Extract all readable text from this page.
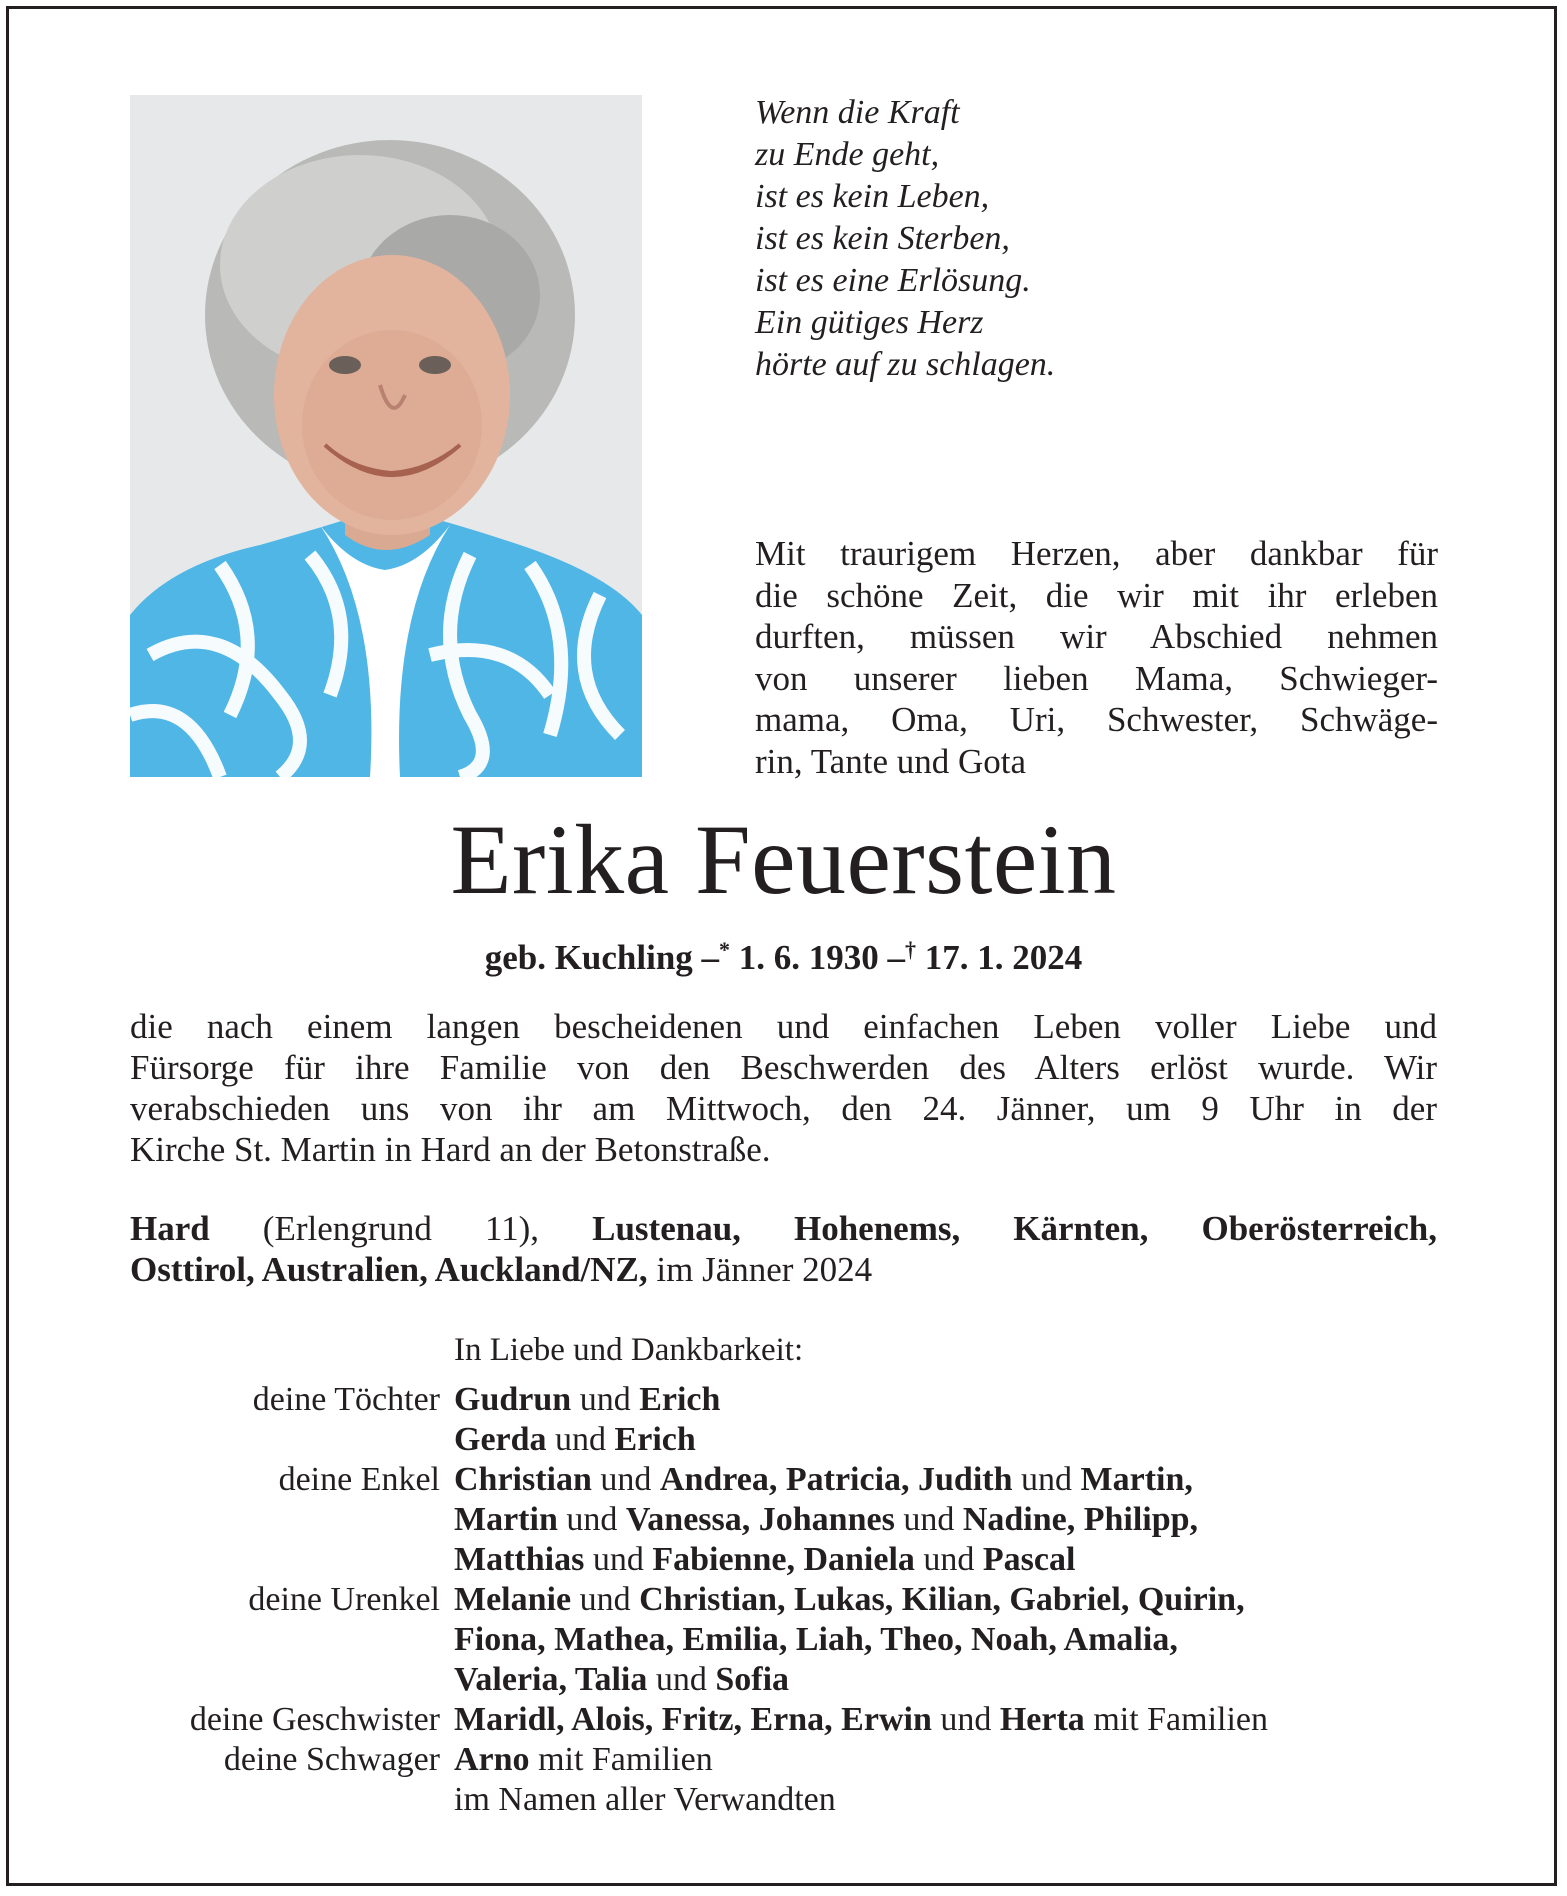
Wenn die Kraft
zu Ende geht,
ist es kein Leben,
ist es kein Sterben,
ist es eine Erlösung.
Ein gütiges Herz
hörte auf zu schlagen.

Mit traurigem Herzen, aber dankbar für
die schöne Zeit, die wir mit ihr erleben
durften, müssen wir Abschied nehmen
von unserer lieben Mama, Schwieger-
mama, Oma, Uri, Schwester, Schwäge-
rin, Tante und Gota

Erika Feuerstein
geb. Kuchling –* 1. 6. 1930 –† 17. 1. 2024

die nach einem langen bescheidenen und einfachen Leben voller Liebe und
Fürsorge für ihre Familie von den Beschwerden des Alters erlöst wurde. Wir
verabschieden uns von ihr am Mittwoch, den 24. Jänner, um 9 Uhr in der
Kirche St. Martin in Hard an der Betonstraße.

Hard (Erlengrund 11), Lustenau, Hohenems, Kärnten, Oberösterreich,
Osttirol, Australien, Auckland/NZ, im Jänner 2024

In Liebe und Dankbarkeit:
deine Töchter Gudrun und Erich
Gerda und Erich
deine Enkel Christian und Andrea, Patricia, Judith und Martin,
Martin und Vanessa, Johannes und Nadine, Philipp,
Matthias und Fabienne, Daniela und Pascal
deine Urenkel Melanie und Christian, Lukas, Kilian, Gabriel, Quirin,
Fiona, Mathea, Emilia, Liah, Theo, Noah, Amalia,
Valeria, Talia und Sofia
deine Geschwister Maridl, Alois, Fritz, Erna, Erwin und Herta mit Familien
deine Schwager Arno mit Familien
im Namen aller Verwandten
